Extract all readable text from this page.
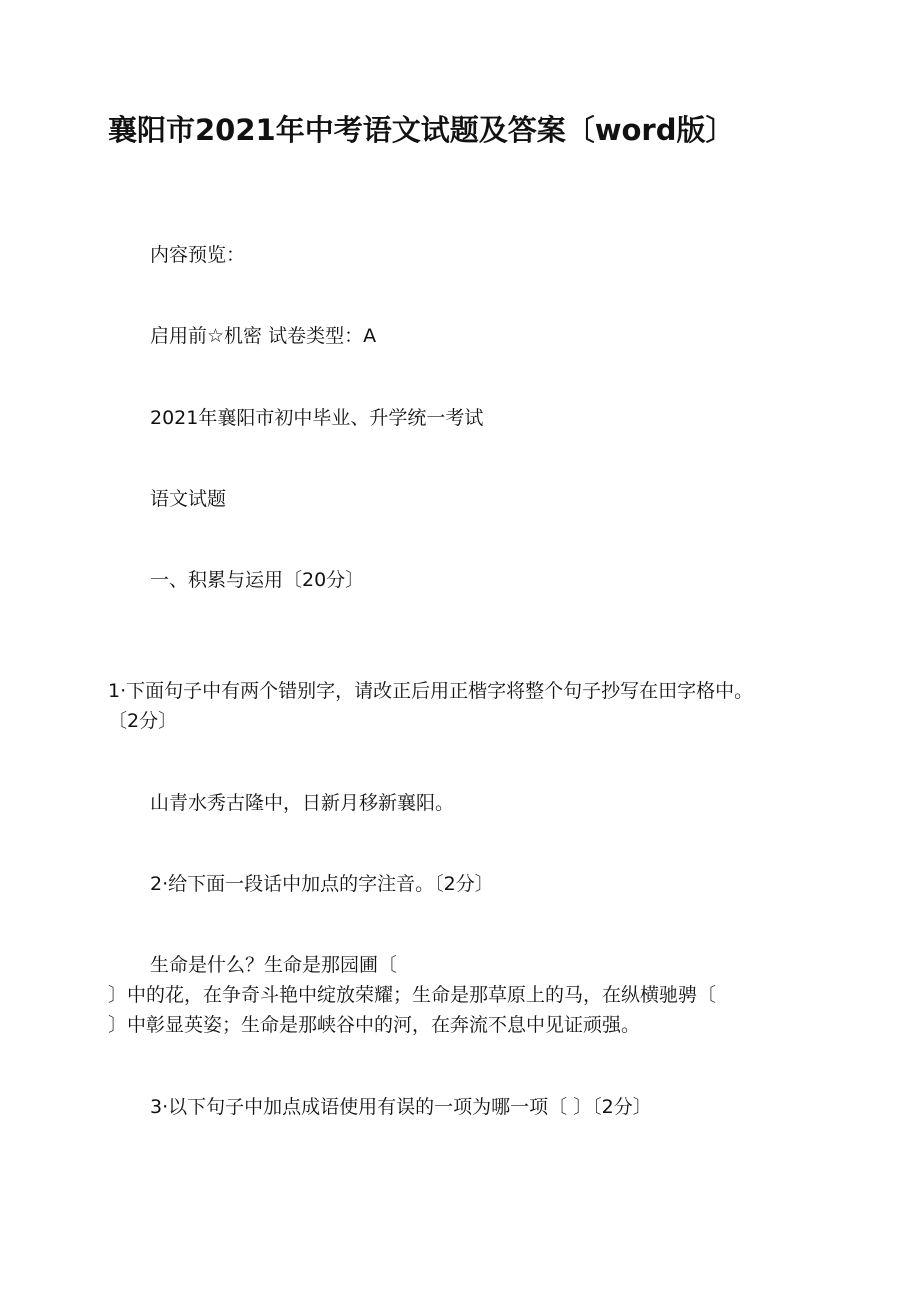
襄阳市2021年中考语文试题及答案〔word版〕
内容预览：
启用前☆机密 试卷类型：A
2021年襄阳市初中毕业、升学统一考试
语文试题
一、积累与运用〔20分〕
1·下面句子中有两个错别字，请改正后用正楷字将整个句子抄写在田字格中。
〔2分〕
山青水秀古隆中，日新月移新襄阳。
2·给下面一段话中加点的字注音。〔2分〕
生命是什么？生命是那园圃〔
〕中的花，在争奇斗艳中绽放荣耀；生命是那草原上的马，在纵横驰骋〔
〕中彰显英姿；生命是那峡谷中的河，在奔流不息中见证顽强。
3·以下句子中加点成语使用有误的一项为哪一项〔 〕〔2分〕
